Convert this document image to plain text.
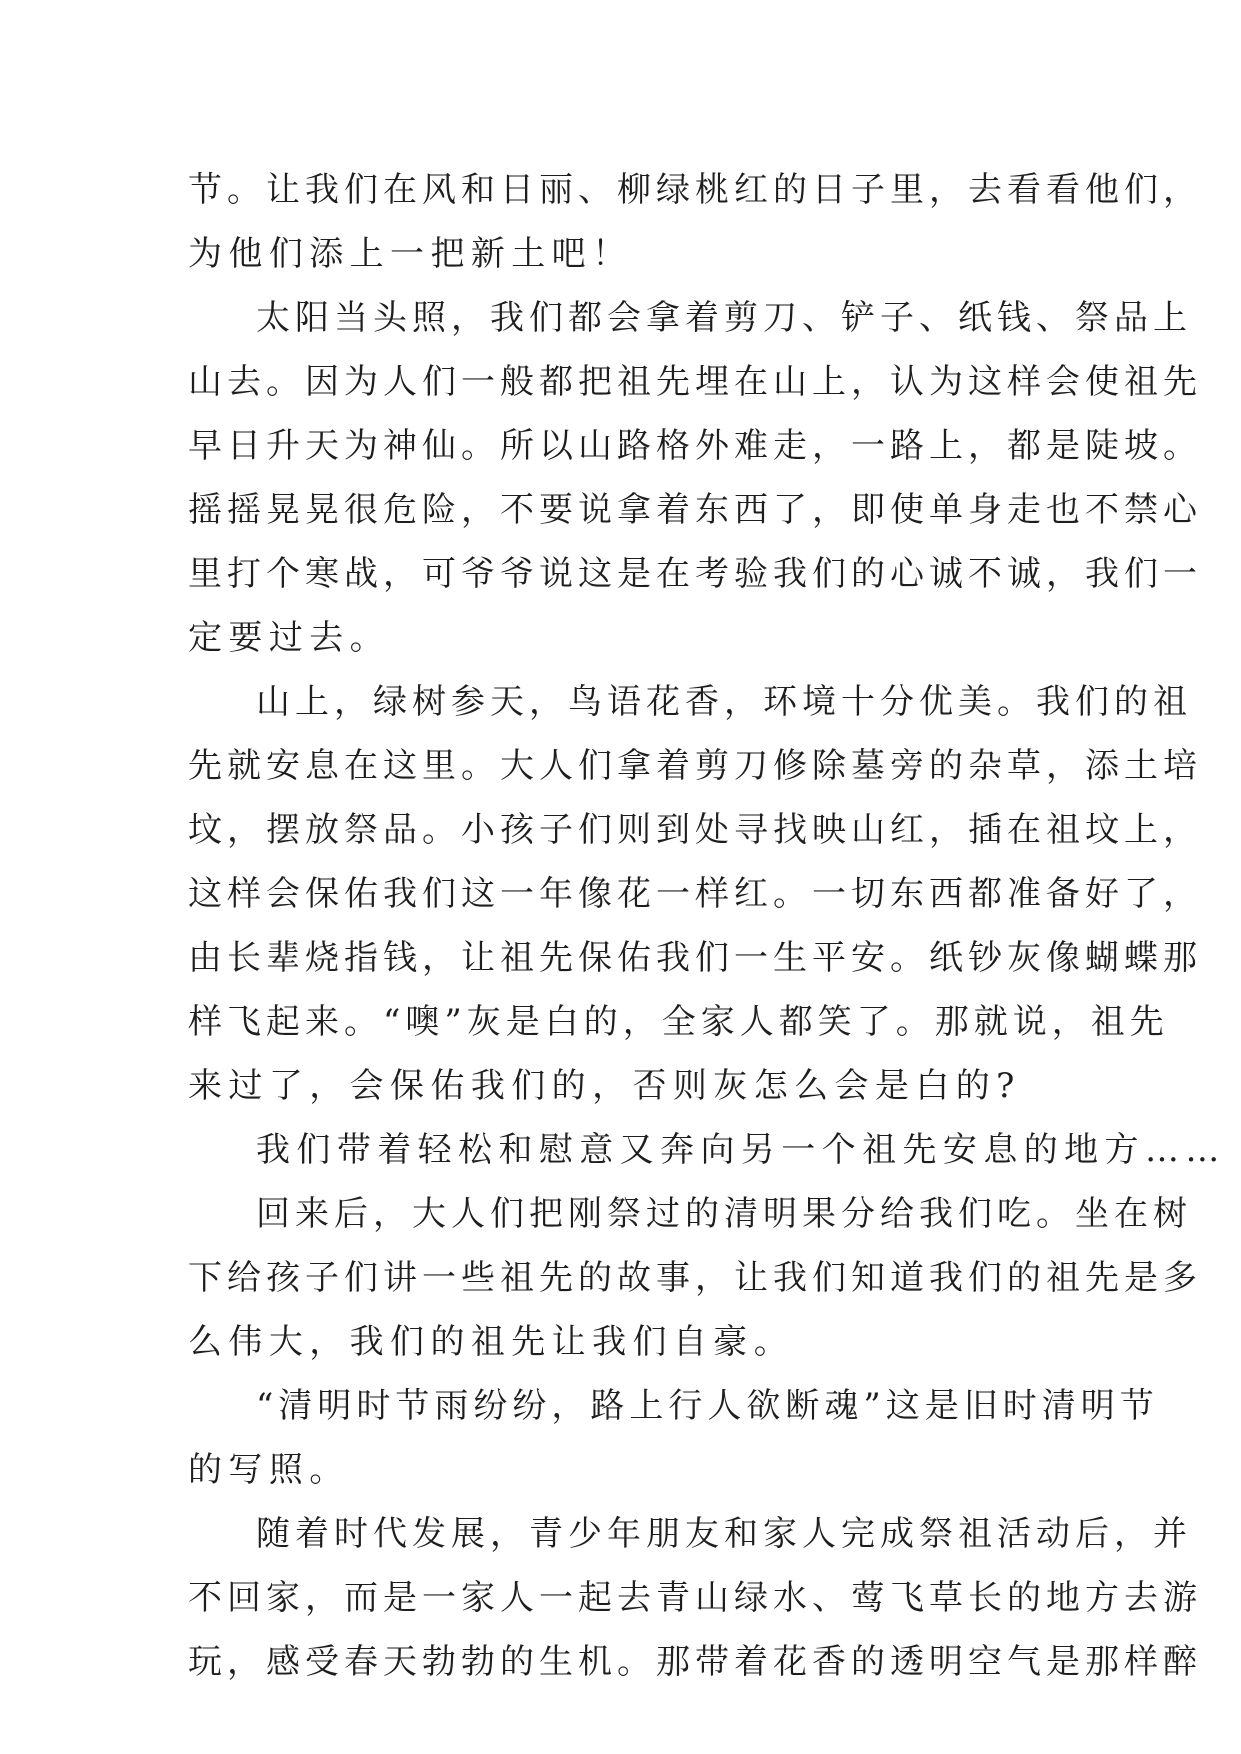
节 。 让 我 们 在 风 和 日 丽 、 柳 绿 桃 红 的 日 子 里 ， 去 看 看 他 们 ，
为 他 们 添 上 一 把 新 土 吧 ！
太 阳 当 头 照 ， 我 们 都 会 拿 着 剪 刀 、 铲 子 、 纸 钱 、 祭 品 上
山 去 。 因 为 人 们 一 般 都 把 祖 先 埋 在 山 上 ， 认 为 这 样 会 使 祖 先
早 日 升 天 为 神 仙 。 所 以 山 路 格 外 难 走 ， 一 路 上 ， 都 是 陡 坡 。
摇 摇 晃 晃 很 危 险 ， 不 要 说 拿 着 东 西 了 ， 即 使 单 身 走 也 不 禁 心
里 打 个 寒 战 ， 可 爷 爷 说 这 是 在 考 验 我 们 的 心 诚 不 诚 ， 我 们 一
定 要 过 去 。
山 上 ， 绿 树 参 天 ， 鸟 语 花 香 ， 环 境 十 分 优 美 。 我 们 的 祖
先 就 安 息 在 这 里 。 大 人 们 拿 着 剪 刀 修 除 墓 旁 的 杂 草 ， 添 土 培
坟 ， 摆 放 祭 品 。 小 孩 子 们 则 到 处 寻 找 映 山 红 ， 插 在 祖 坟 上 ，
这 样 会 保 佑 我 们 这 一 年 像 花 一 样 红 。 一 切 东 西 都 准 备 好 了 ，
由 长 辈 烧 指 钱 ， 让 祖 先 保 佑 我 们 一 生 平 安 。 纸 钞 灰 像 蝴 蝶 那
样 飞 起 来 。 “ 噢 ” 灰 是 白 的 ， 全 家 人 都 笑 了 。 那 就 说 ， 祖 先
来 过 了 ， 会 保 佑 我 们 的 ， 否 则 灰 怎 么 会 是 白 的 ?
我 们 带 着 轻 松 和 慰 意 又 奔 向 另 一 个 祖 先 安 息 的 地 方 … …
回 来 后 ， 大 人 们 把 刚 祭 过 的 清 明 果 分 给 我 们 吃 。 坐 在 树
下 给 孩 子 们 讲 一 些 祖 先 的 故 事 ， 让 我 们 知 道 我 们 的 祖 先 是 多
么 伟 大 ， 我 们 的 祖 先 让 我 们 自 豪 。
“ 清 明 时 节 雨 纷 纷 ， 路 上 行 人 欲 断 魂 ” 这 是 旧 时 清 明 节
的 写 照 。
随 着 时 代 发 展 ， 青 少 年 朋 友 和 家 人 完 成 祭 祖 活 动 后 ， 并
不 回 家 ， 而 是 一 家 人 一 起 去 青 山 绿 水 、 莺 飞 草 长 的 地 方 去 游
玩 ， 感 受 春 天 勃 勃 的 生 机 。 那 带 着 花 香 的 透 明 空 气 是 那 样 醉
